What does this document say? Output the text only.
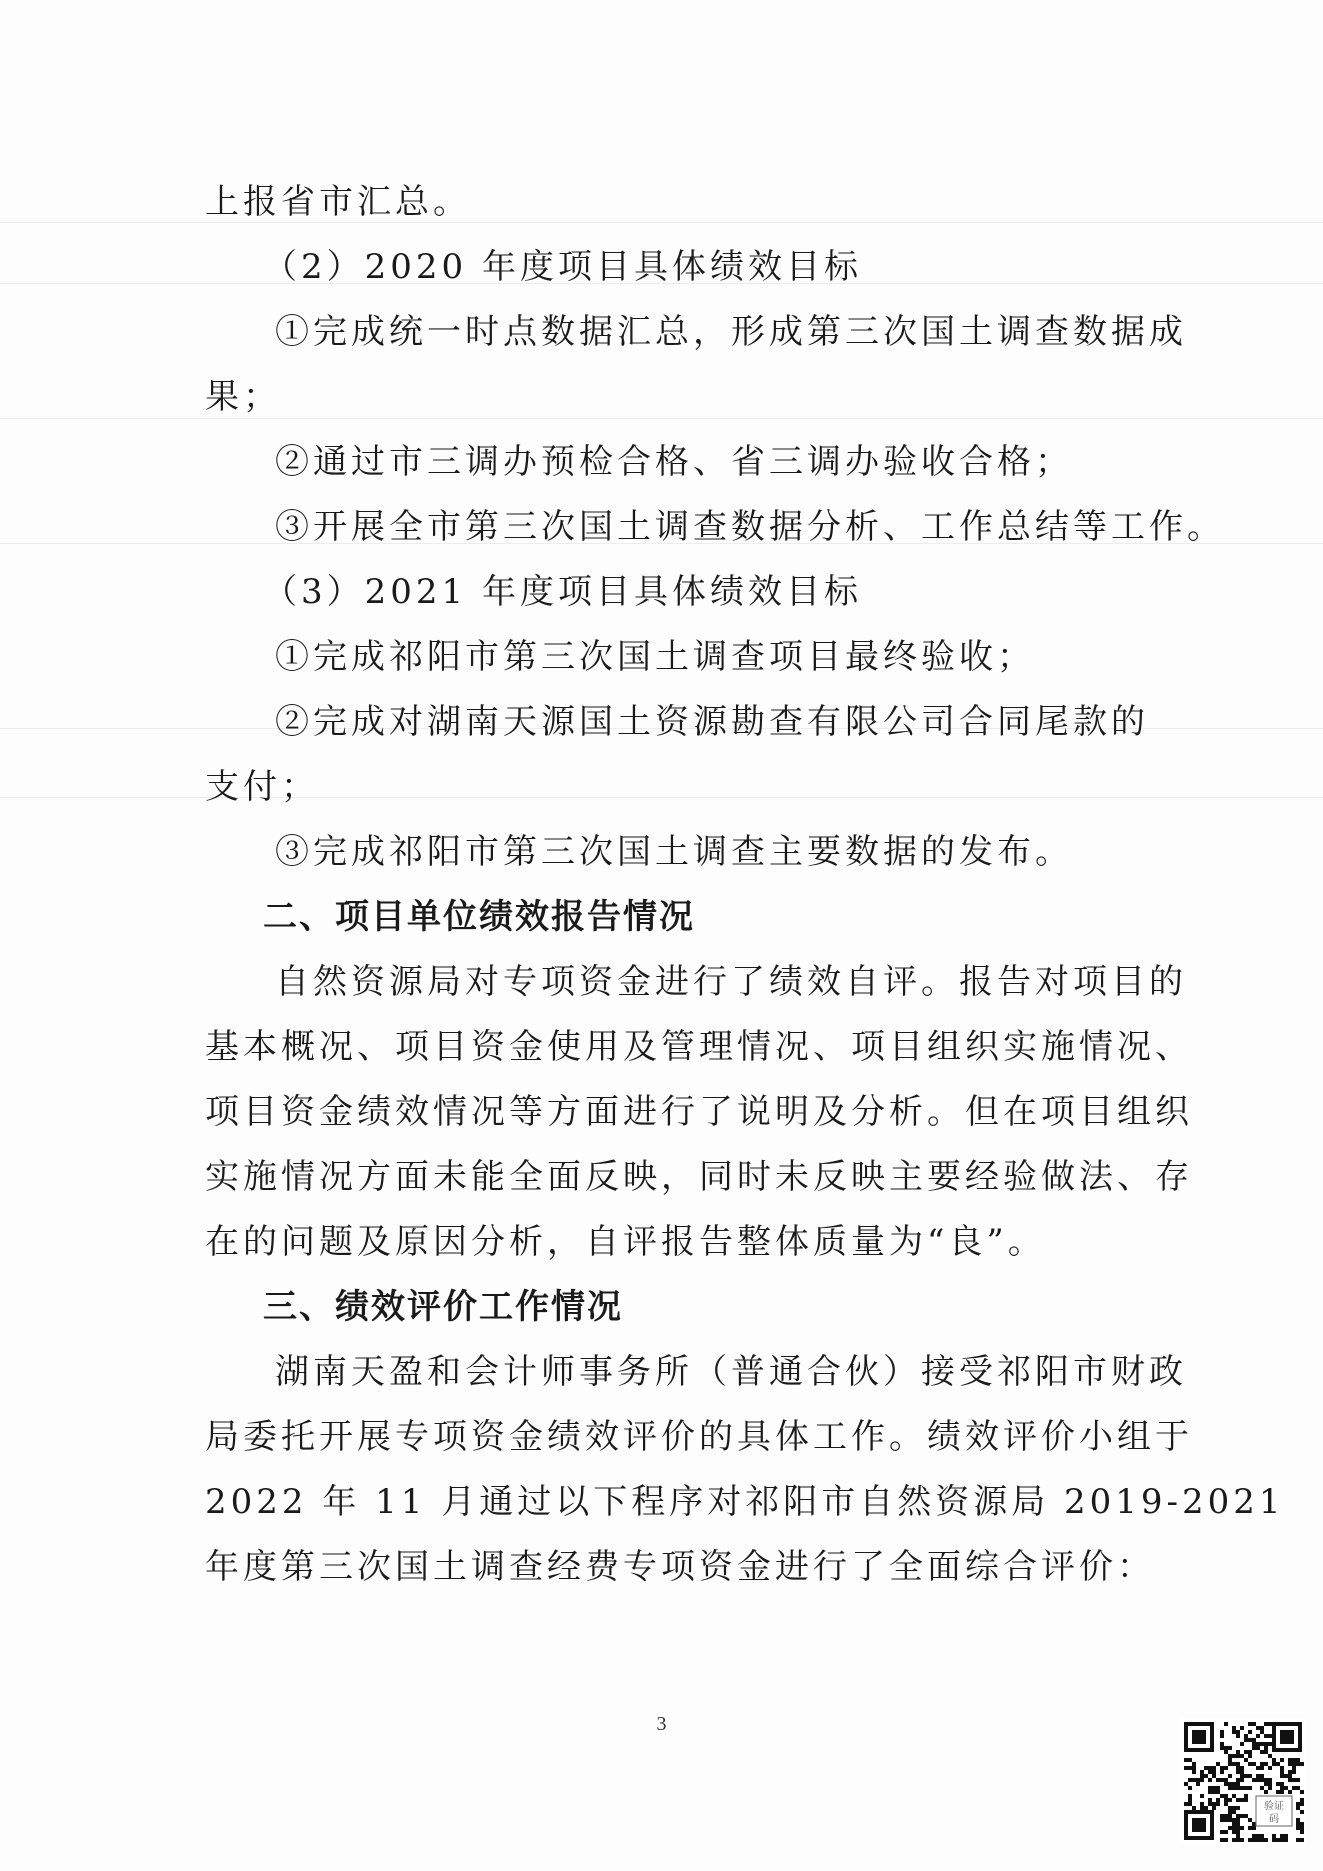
上报省市汇总。
（2）2020 年度项目具体绩效目标
①完成统一时点数据汇总，形成第三次国土调查数据成
果；
②通过市三调办预检合格、省三调办验收合格；
③开展全市第三次国土调查数据分析、工作总结等工作。
（3）2021 年度项目具体绩效目标
①完成祁阳市第三次国土调查项目最终验收；
②完成对湖南天源国土资源勘查有限公司合同尾款的
支付；
③完成祁阳市第三次国土调查主要数据的发布。
二、项目单位绩效报告情况
自然资源局对专项资金进行了绩效自评。报告对项目的
基本概况、项目资金使用及管理情况、项目组织实施情况、
项目资金绩效情况等方面进行了说明及分析。但在项目组织
实施情况方面未能全面反映，同时未反映主要经验做法、存
在的问题及原因分析，自评报告整体质量为“良”。
三、绩效评价工作情况
湖南天盈和会计师事务所（普通合伙）接受祁阳市财政
局委托开展专项资金绩效评价的具体工作。绩效评价小组于
2022 年 11 月通过以下程序对祁阳市自然资源局 2019-2021
年度第三次国土调查经费专项资金进行了全面综合评价：
3
验证
码
